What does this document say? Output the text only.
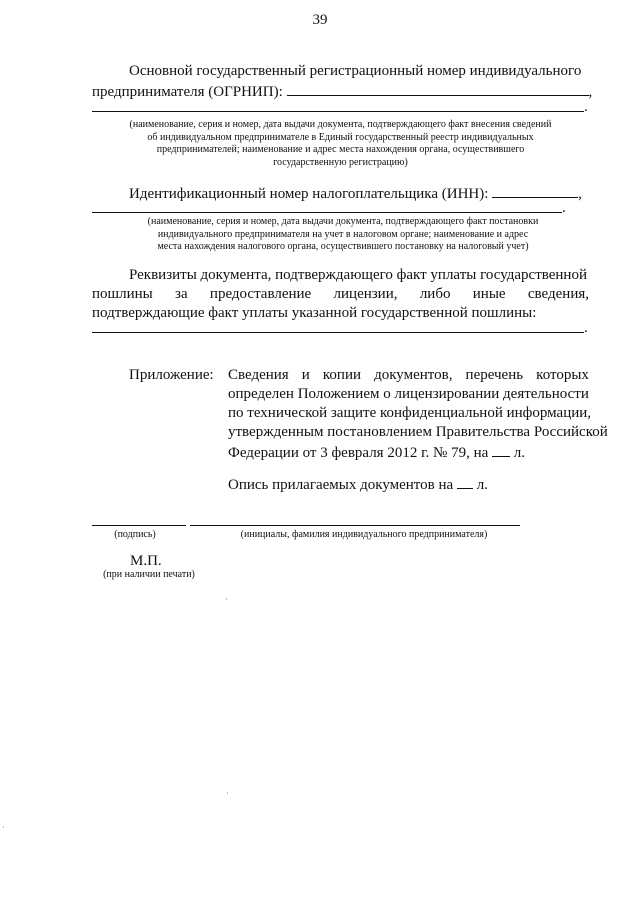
39
Основной государственный регистрационный номер индивидуального
предпринимателя (ОГРНИП):	,
.
(наименование, серия и номер, дата выдачи документа, подтверждающего факт внесения сведений
об индивидуальном предпринимателе в Единый государственный реестр индивидуальных
предпринимателей; наименование и адрес места нахождения органа, осуществившего
государственную регистрацию)
Идентификационный номер налогоплательщика (ИНН):	,
.
(наименование, серия и номер, дата выдачи документа, подтверждающего факт постановки
индивидуального предпринимателя на учет в налоговом органе; наименование и адрес
места нахождения налогового органа, осуществившего постановку на налоговый учет)
Реквизиты документа, подтверждающего факт уплаты государственной
пошлины за предоставление лицензии, либо иные сведения,
подтверждающие факт уплаты указанной государственной пошлины:
.
Приложение: Сведения и копии документов, перечень которых
определен Положением о лицензировании деятельности
по технической защите конфиденциальной информации,
утвержденным постановлением Правительства Российской
Федерации от 3 февраля 2012 г. № 79, на л.
Опись прилагаемых документов на л.
(подпись)	(инициалы, фамилия индивидуального предпринимателя)
М.П.
(при наличии печати)
